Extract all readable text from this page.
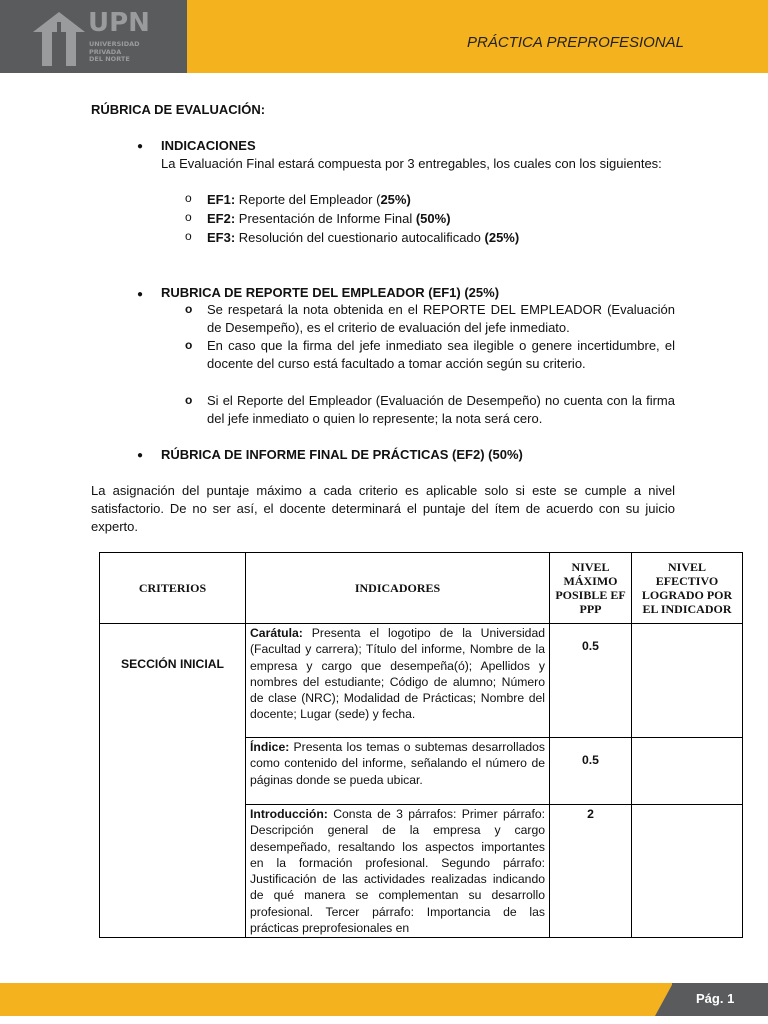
UPN
UNIVERSIDAD
PRIVADA
DEL NORTE
PRÁCTICA PREPROFESIONAL
RÚBRICA DE EVALUACIÓN:
● INDICACIONES
La Evaluación Final estará compuesta por 3 entregables, los cuales con los siguientes:
o EF1: Reporte del Empleador (25%)
o EF2: Presentación de Informe Final (50%)
o EF3: Resolución del cuestionario autocalificado (25%)
● RUBRICA DE REPORTE DEL EMPLEADOR (EF1) (25%)
o Se respetará la nota obtenida en el REPORTE DEL EMPLEADOR (Evaluación de Desempeño), es el criterio de evaluación del jefe inmediato.
o En caso que la firma del jefe inmediato sea ilegible o genere incertidumbre, el docente del curso está facultado a tomar acción según su criterio.
o Si el Reporte del Empleador (Evaluación de Desempeño) no cuenta con la firma del jefe inmediato o quien lo represente; la nota será cero.
● RÚBRICA DE INFORME FINAL DE PRÁCTICAS (EF2) (50%)
La asignación del puntaje máximo a cada criterio es aplicable solo si este se cumple a nivel satisfactorio. De no ser así, el docente determinará el puntaje del ítem de acuerdo con su juicio experto.
CRITERIOS	INDICADORES	NIVEL MÁXIMO POSIBLE EF PPP	NIVEL EFECTIVO LOGRADO POR EL INDICADOR
SECCIÓN INICIAL	Carátula: Presenta el logotipo de la Universidad (Facultad y carrera); Título del informe, Nombre de la empresa y cargo que desempeña(ó); Apellidos y nombres del estudiante; Código de alumno; Número de clase (NRC); Modalidad de Prácticas; Nombre del docente; Lugar (sede) y fecha.	0.5	
	Índice: Presenta los temas o subtemas desarrollados como contenido del informe, señalando el número de páginas donde se pueda ubicar.	0.5	
	Introducción: Consta de 3 párrafos: Primer párrafo: Descripción general de la empresa y cargo desempeñado, resaltando los aspectos importantes en la formación profesional. Segundo párrafo: Justificación de las actividades realizadas indicando de qué manera se complementan su desarrollo profesional. Tercer párrafo: Importancia de las prácticas preprofesionales en	2	
Pág. 1
